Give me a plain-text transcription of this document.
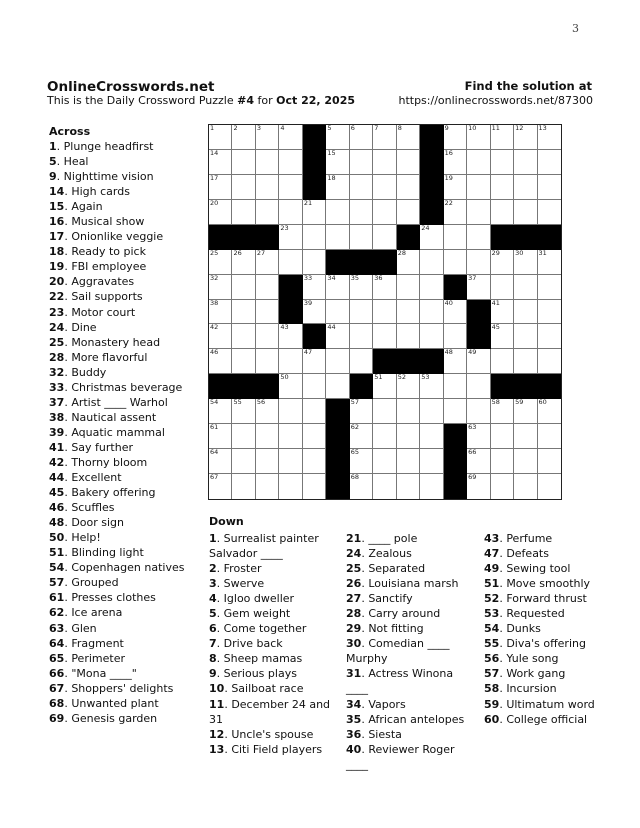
3
OnlineCrosswords.net
This is the Daily Crossword Puzzle #4 for Oct 22, 2025
Find the solution at
https://onlinecrosswords.net/87300
Across
1. Plunge headfirst
5. Heal
9. Nighttime vision
14. High cards
15. Again
16. Musical show
17. Onionlike veggie
18. Ready to pick
19. FBI employee
20. Aggravates
22. Sail supports
23. Motor court
24. Dine
25. Monastery head
28. More flavorful
32. Buddy
33. Christmas beverage
37. Artist ____ Warhol
38. Nautical assent
39. Aquatic mammal
41. Say further
42. Thorny bloom
44. Excellent
45. Bakery offering
46. Scuffles
48. Door sign
50. Help!
51. Blinding light
54. Copenhagen natives
57. Grouped
61. Presses clothes
62. Ice arena
63. Glen
64. Fragment
65. Perimeter
66. "Mona ____"
67. Shoppers' delights
68. Unwanted plant
69. Genesis garden
1	2	3	4	5	6	7	8	9	10 11 12 13
14	15	16
17	18	19
20	21	22
23	24
25 26 27	28	29 30 31
32	33 34 35 36	37
38	39	40	41
42	43	44	45
46	47	48 49
50	51 52 53
54 55 56	57	58 59 60
61	62	63
64	65	66
67	68	69
Down
1. Surrealist painter Salvador ____
2. Froster
3. Swerve
4. Igloo dweller
5. Gem weight
6. Come together
7. Drive back
8. Sheep mamas
9. Serious plays
10. Sailboat race
11. December 24 and 31
12. Uncle's spouse
13. Citi Field players
21. ____ pole
24. Zealous
25. Separated
26. Louisiana marsh
27. Sanctify
28. Carry around
29. Not fitting
30. Comedian ____ Murphy
31. Actress Winona ____
34. Vapors
35. African antelopes
36. Siesta
40. Reviewer Roger ____
43. Perfume
47. Defeats
49. Sewing tool
51. Move smoothly
52. Forward thrust
53. Requested
54. Dunks
55. Diva's offering
56. Yule song
57. Work gang
58. Incursion
59. Ultimatum word
60. College official
